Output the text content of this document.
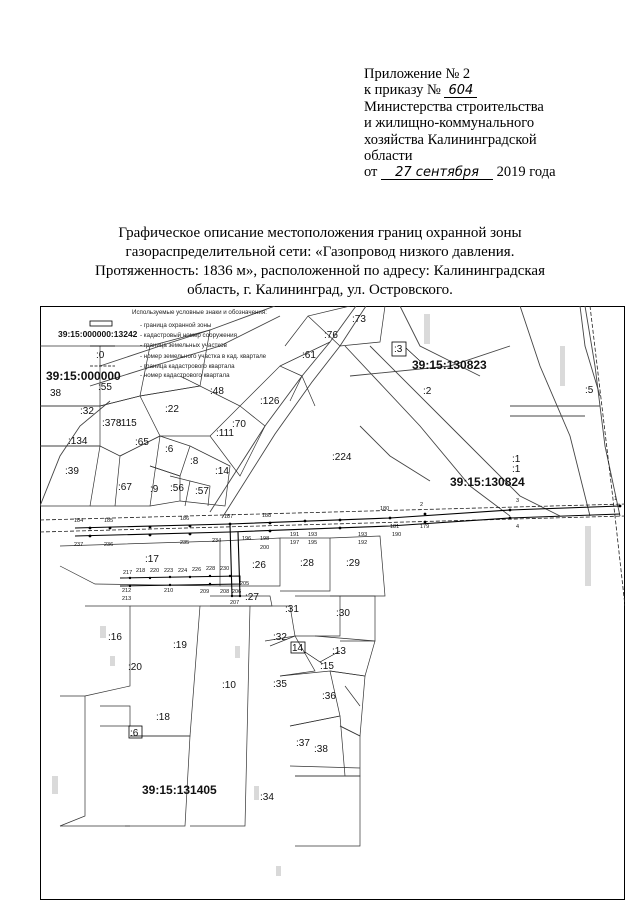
Приложение № 2
к приказу № 604
Министерства строительства
и жилищно-коммунального
хозяйства Калининградской
области
от 27 сентября 2019 года
Графическое описание местоположения границ охранной зоны
газораспределительной сети: «Газопровод низкого давления.
Протяженность: 1836 м», расположенной по адресу: Калининградская
область, г. Калининград, ул. Островского.
184	185	186	187	188
237	236	235	234	196 198
200
191 193
197 195
180
181
190
193
192
2
179
3
4
1
217 218 220 223 224 226 228 230
210	209 208 206
205
207
212
213
Используемые условные знаки и обозначения:
- граница охранной зоны
39:15:000000:13242 - кадастровый номер сооружения
- граница земельных участков
:0	- номер земельного участка в кад. квартале
- граница кадастрового квартала
39:15:000000	- номер кадастрового квартала
39:15:130823
39:15:130824
39:15:131405
:73
:76
:61
:3
:55
38	:48
:126
:70
:22
:32
:378
:115
:111
:65
:134
:6
:8
:14
:2
:224
:5
:1
:1
:39
:67 :9 :56 :57
:17
:26	:28	:29
:27
:31	:30
:16
:19
:32
14	:13
:15
:20
:10	:35
:36
:18
:6
:37
:38
:34
